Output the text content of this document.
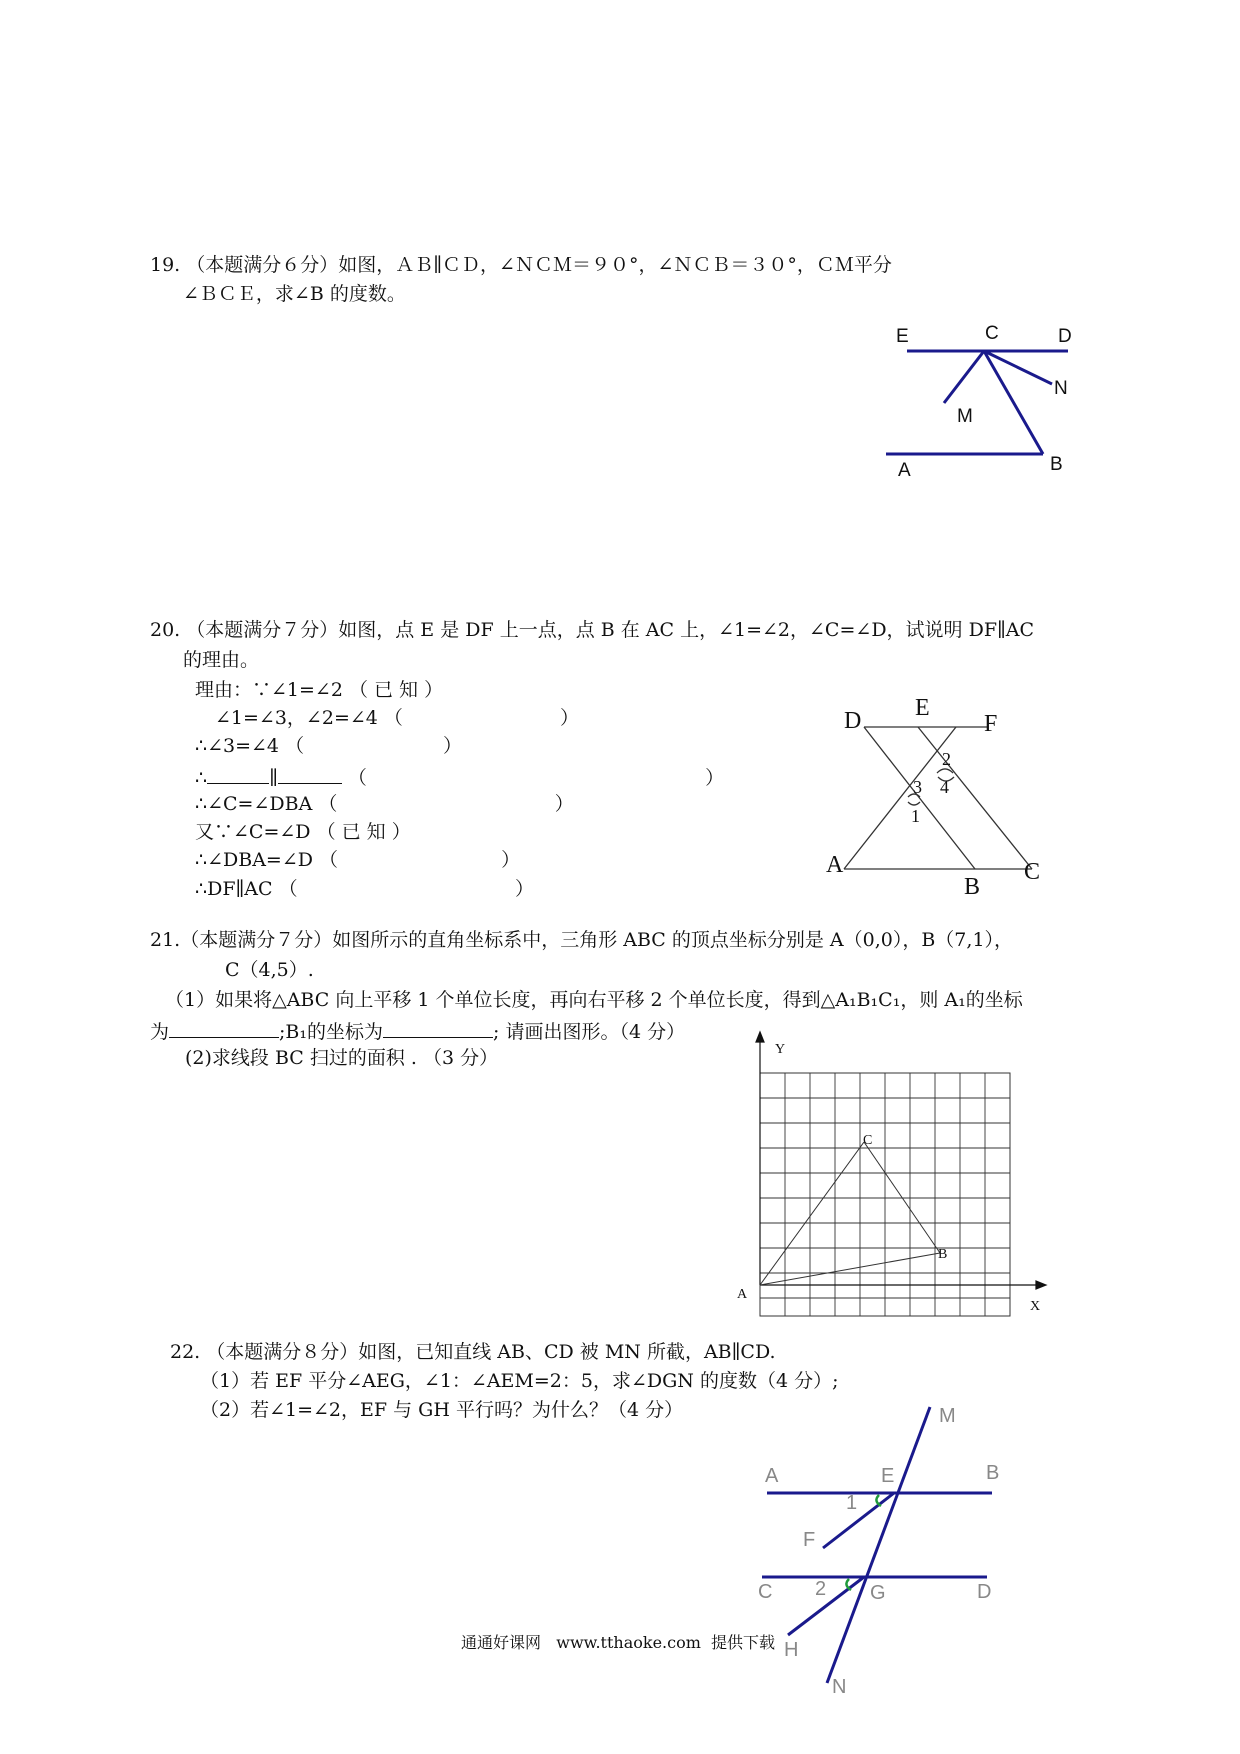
19. （本题满分６分）如图，ＡＢ∥ＣＤ，∠ＮＣＭ＝９０°，∠ＮＣＢ＝３０°，ＣＭ平分
∠ＢＣＥ，求∠B 的度数。
E	C	D
N
M
A	B
20. （本题满分７分）如图，点 E 是 DF 上一点，点 B 在 AC 上，∠1=∠2，∠C=∠D，试说明 DF∥AC
的理由。
理由：∵∠1=∠2 （ 已 知 ）
∠1=∠3，∠2=∠4 （                          ）
∴∠3=∠4 （                       ）
∴	∥	（                                                        ）
∴∠C=∠DBA （                                    ）
又∵∠C=∠D （ 已 知 ）
∴∠DBA=∠D （                           ）
∴DF∥AC （                                    ）
D E
F
A
B
C
2
4
3
1
21.（本题满分７分）如图所示的直角坐标系中，三角形 ABC 的顶点坐标分别是 A（0,0），B（7,1），
C（4,5）.
（1）如果将△ABC 向上平移 1 个单位长度，再向右平移 2 个单位长度，得到△A₁B₁C₁，则 A₁的坐标
为	;B₁的坐标为	; 请画出图形。（4 分）
(2)求线段 BC 扫过的面积 . （3 分）	Y
X
A
B
C
22. （本题满分８分）如图，已知直线 AB、CD 被 MN 所截，AB∥CD.
（1）若 EF 平分∠AEG，∠1：∠AEM=2：5，求∠DGN 的度数（4 分）;
（2）若∠1=∠2，EF 与 GH 平行吗？为什么？（4 分）	M
A	E	B
1
F
C 2 G	D
H
N
通通好课网   www.tthaoke.com  提供下载
